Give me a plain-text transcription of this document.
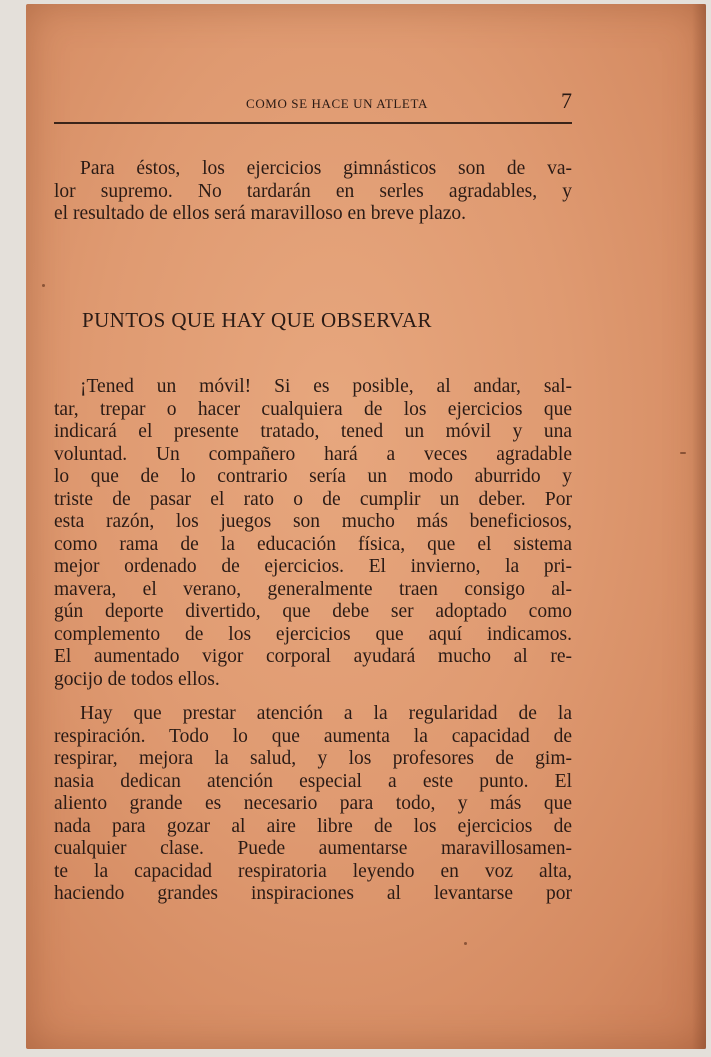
COMO SE HACE UN ATLETA	7
Para éstos, los ejercicios gimnásticos son de va-
lor supremo. No tardarán en serles agradables, y
el resultado de ellos será maravilloso en breve plazo.
PUNTOS QUE HAY QUE OBSERVAR
¡Tened un móvil! Si es posible, al andar, sal-
tar, trepar o hacer cualquiera de los ejercicios que
indicará el presente tratado, tened un móvil y una
voluntad. Un compañero hará a veces agradable
lo que de lo contrario sería un modo aburrido y
triste de pasar el rato o de cumplir un deber. Por
esta razón, los juegos son mucho más beneficiosos,
como rama de la educación física, que el sistema
mejor ordenado de ejercicios. El invierno, la pri-
mavera, el verano, generalmente traen consigo al-
gún deporte divertido, que debe ser adoptado como
complemento de los ejercicios que aquí indicamos.
El aumentado vigor corporal ayudará mucho al re-
gocijo de todos ellos.
Hay que prestar atención a la regularidad de la
respiración. Todo lo que aumenta la capacidad de
respirar, mejora la salud, y los profesores de gim-
nasia dedican atención especial a este punto. El
aliento grande es necesario para todo, y más que
nada para gozar al aire libre de los ejercicios de
cualquier clase. Puede aumentarse maravillosamen-
te la capacidad respiratoria leyendo en voz alta,
haciendo grandes inspiraciones al levantarse por
